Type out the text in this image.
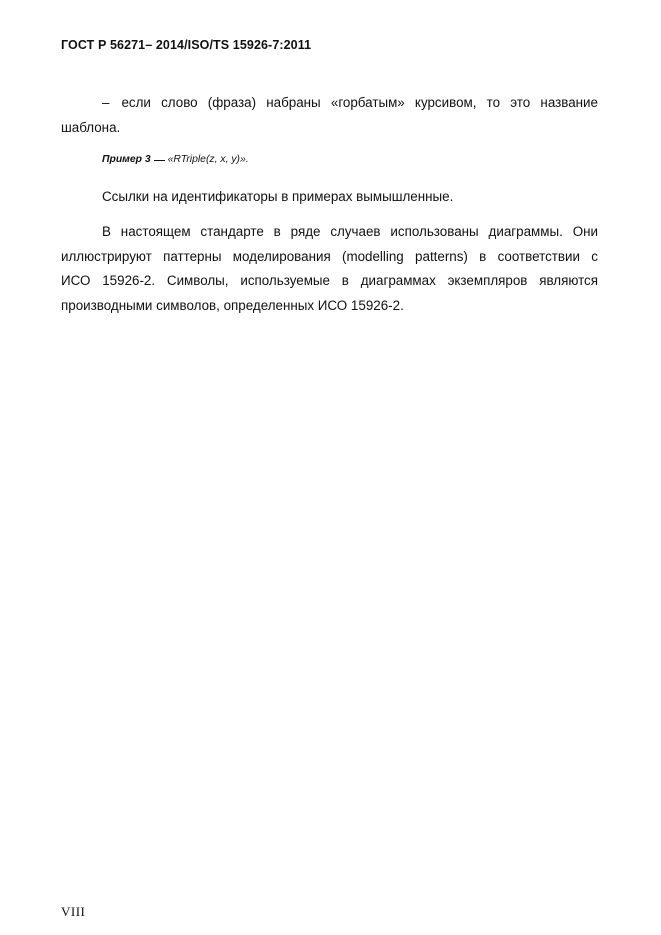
ГОСТ Р 56271– 2014/ISO/TS 15926-7:2011
– если слово (фраза) набраны «горбатым» курсивом, то это название
шаблона.
Пример 3 «RTriple(z, x, y)».
Ссылки на идентификаторы в примерах вымышленные.
В настоящем стандарте в ряде случаев использованы диаграммы. Они
иллюстрируют паттерны моделирования (modelling patterns) в соответствии с
ИСО 15926-2. Символы, используемые в диаграммах экземпляров являются
производными символов, определенных ИСО 15926-2.
VIII
